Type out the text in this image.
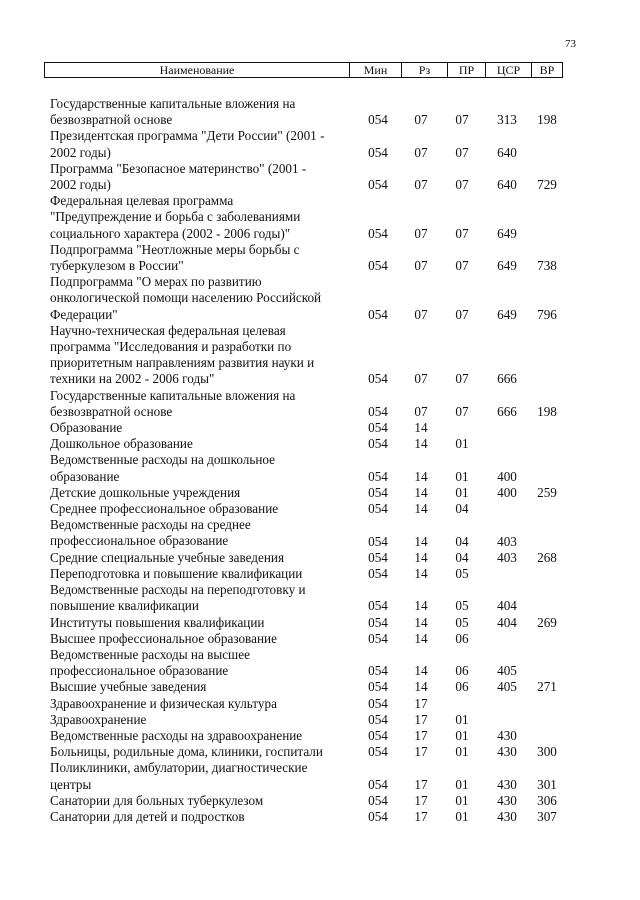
73
Наименование	Мин	Рз	ПР	ЦСР	ВР
Государственные капитальные вложения на
безвозвратной основе	054	07	07	313	198
Президентская программа "Дети России" (2001 -
2002 годы)	054	07	07	640
Программа "Безопасное материнство" (2001 -
2002 годы)	054	07	07	640	729
Федеральная целевая программа
"Предупреждение и борьба с заболеваниями
социального характера (2002 - 2006 годы)"	054	07	07	649
Подпрограмма "Неотложные меры борьбы с
туберкулезом в России"	054	07	07	649	738
Подпрограмма "О мерах по развитию
онкологической помощи населению Российской
Федерации"	054	07	07	649	796
Научно-техническая федеральная целевая
программа "Исследования и разработки по
приоритетным направлениям развития науки и
техники на 2002 - 2006 годы"	054	07	07	666
Государственные капитальные вложения на
безвозвратной основе	054	07	07	666	198
Образование	054	14
Дошкольное образование	054	14	01
Ведомственные расходы на дошкольное
образование	054	14	01	400
Детские дошкольные учреждения	054	14	01	400	259
Среднее профессиональное образование	054	14	04
Ведомственные расходы на среднее
профессиональное образование	054	14	04	403
Средние специальные учебные заведения	054	14	04	403	268
Переподготовка и повышение квалификации	054	14	05
Ведомственные расходы на переподготовку и
повышение квалификации	054	14	05	404
Институты повышения квалификации	054	14	05	404	269
Высшее профессиональное образование	054	14	06
Ведомственные расходы на высшее
профессиональное образование	054	14	06	405
Высшие учебные заведения	054	14	06	405	271
Здравоохранение и физическая культура	054	17
Здравоохранение	054	17	01
Ведомственные расходы на здравоохранение	054	17	01	430
Больницы, родильные дома, клиники, госпитали	054	17	01	430	300
Поликлиники, амбулатории, диагностические
центры	054	17	01	430	301
Санатории для больных туберкулезом	054	17	01	430	306
Санатории для детей и подростков	054	17	01	430	307
